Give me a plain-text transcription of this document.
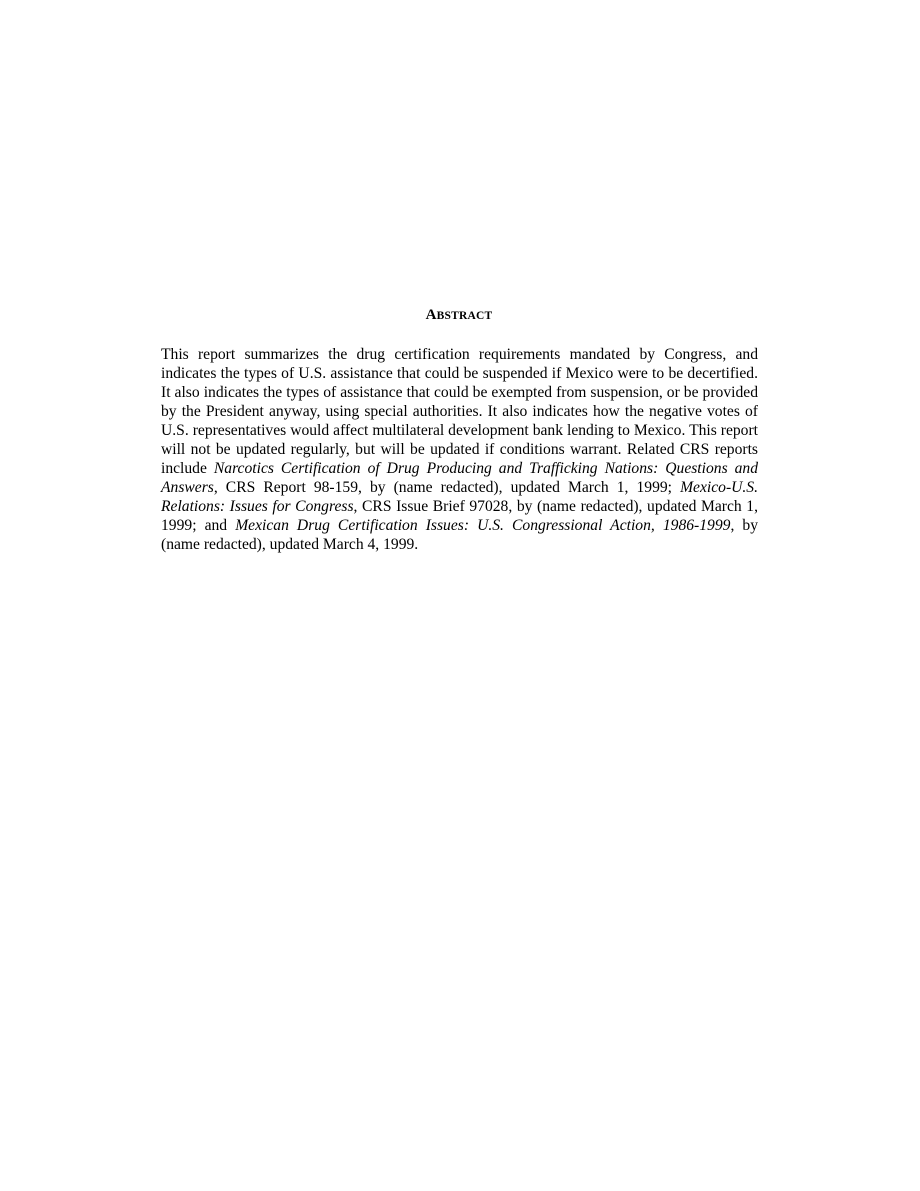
ABSTRACT

This report summarizes the drug certification requirements mandated by Congress, and indicates the types of U.S. assistance that could be suspended if Mexico were to be decertified. It also indicates the types of assistance that could be exempted from suspension, or be provided by the President anyway, using special authorities. It also indicates how the negative votes of U.S. representatives would affect multilateral development bank lending to Mexico. This report will not be updated regularly, but will be updated if conditions warrant. Related CRS reports include Narcotics Certification of Drug Producing and Trafficking Nations: Questions and Answers, CRS Report 98-159, by (name redacted), updated March 1, 1999; Mexico-U.S. Relations: Issues for Congress, CRS Issue Brief 97028, by (name redacted), updated March 1, 1999; and Mexican Drug Certification Issues: U.S. Congressional Action, 1986-1999, by (name redacted), updated March 4, 1999.
